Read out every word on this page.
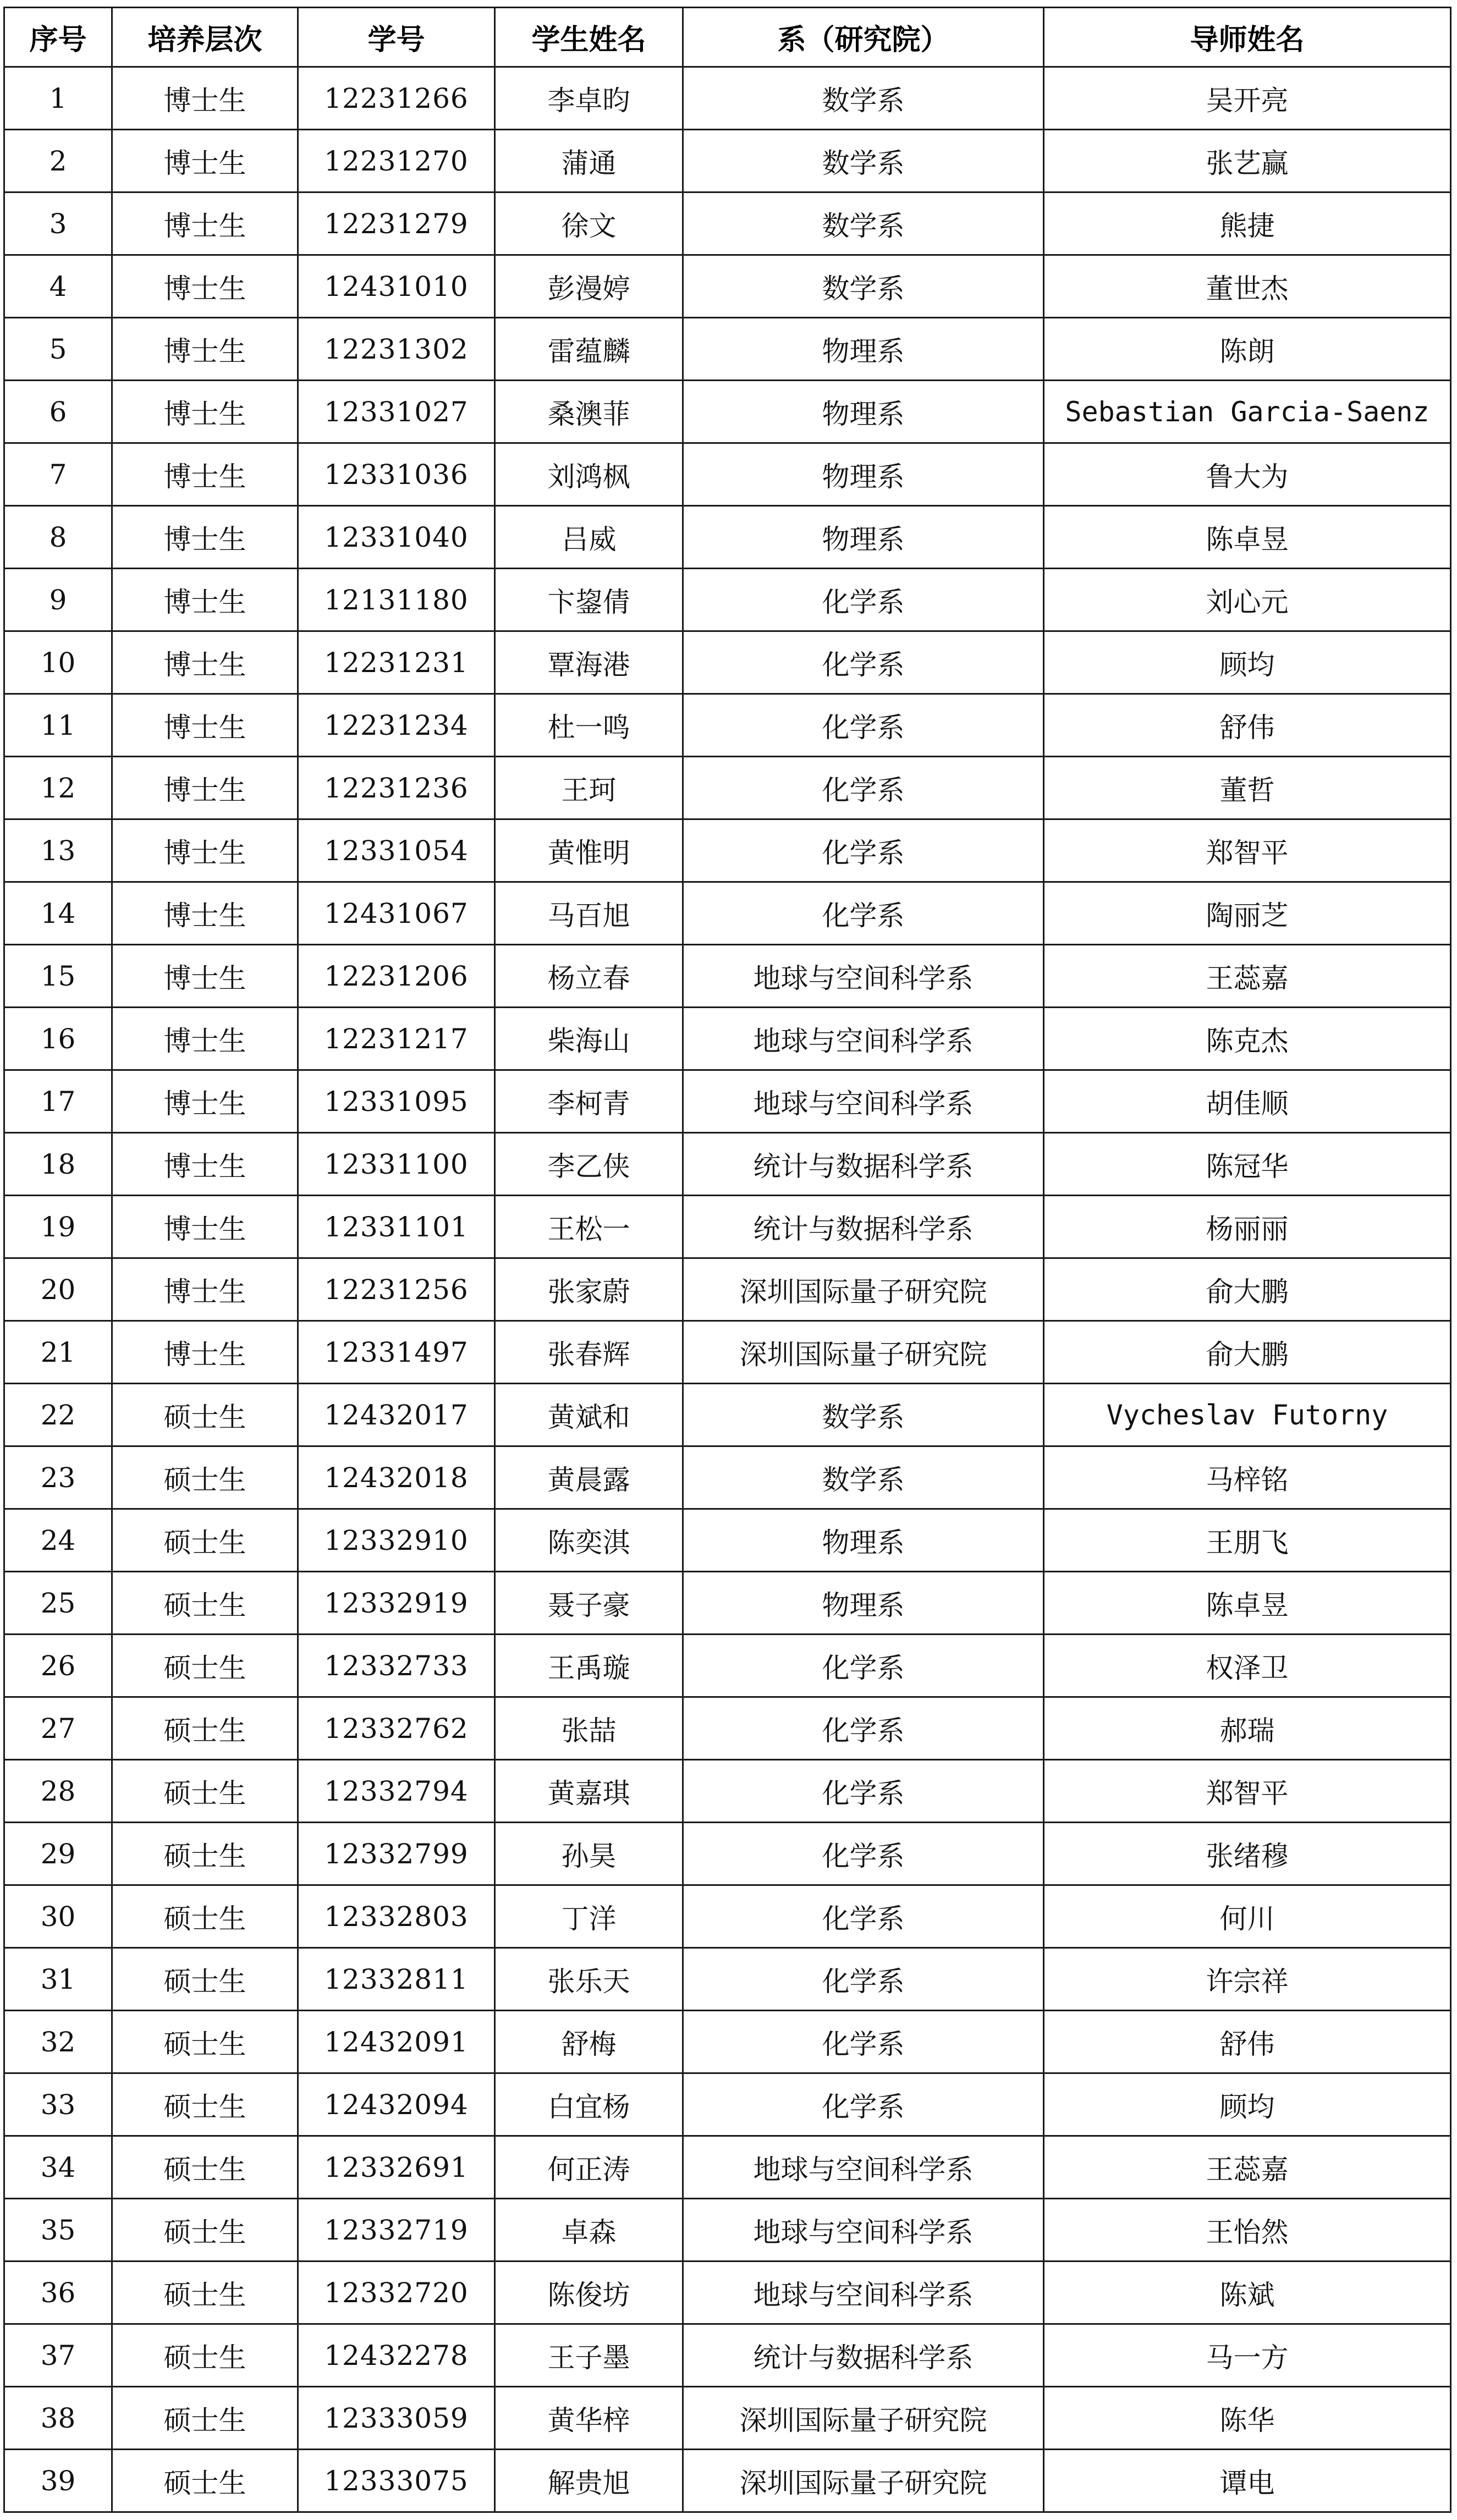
序号	培养层次	学号	学生姓名	系（研究院）	导师姓名
1	博士生	12231266	李卓昀	数学系	吴开亮
2	博士生	12231270	蒲通	数学系	张艺赢
3	博士生	12231279	徐文	数学系	熊捷
4	博士生	12431010	彭漫婷	数学系	董世杰
5	博士生	12231302	雷蕴麟	物理系	陈朗
6	博士生	12331027	桑澳菲	物理系	Sebastian Garcia-Saenz
7	博士生	12331036	刘鸿枫	物理系	鲁大为
8	博士生	12331040	吕威	物理系	陈卓昱
9	博士生	12131180	卞鋆倩	化学系	刘心元
10	博士生	12231231	覃海港	化学系	顾均
11	博士生	12231234	杜一鸣	化学系	舒伟
12	博士生	12231236	王珂	化学系	董哲
13	博士生	12331054	黄惟明	化学系	郑智平
14	博士生	12431067	马百旭	化学系	陶丽芝
15	博士生	12231206	杨立春	地球与空间科学系	王蕊嘉
16	博士生	12231217	柴海山	地球与空间科学系	陈克杰
17	博士生	12331095	李柯青	地球与空间科学系	胡佳顺
18	博士生	12331100	李乙侠	统计与数据科学系	陈冠华
19	博士生	12331101	王松一	统计与数据科学系	杨丽丽
20	博士生	12231256	张家蔚	深圳国际量子研究院	俞大鹏
21	博士生	12331497	张春辉	深圳国际量子研究院	俞大鹏
22	硕士生	12432017	黄斌和	数学系	Vycheslav Futorny
23	硕士生	12432018	黄晨露	数学系	马梓铭
24	硕士生	12332910	陈奕淇	物理系	王朋飞
25	硕士生	12332919	聂子豪	物理系	陈卓昱
26	硕士生	12332733	王禹璇	化学系	权泽卫
27	硕士生	12332762	张喆	化学系	郝瑞
28	硕士生	12332794	黄嘉琪	化学系	郑智平
29	硕士生	12332799	孙昊	化学系	张绪穆
30	硕士生	12332803	丁洋	化学系	何川
31	硕士生	12332811	张乐天	化学系	许宗祥
32	硕士生	12432091	舒梅	化学系	舒伟
33	硕士生	12432094	白宜杨	化学系	顾均
34	硕士生	12332691	何正涛	地球与空间科学系	王蕊嘉
35	硕士生	12332719	卓森	地球与空间科学系	王怡然
36	硕士生	12332720	陈俊坊	地球与空间科学系	陈斌
37	硕士生	12432278	王子墨	统计与数据科学系	马一方
38	硕士生	12333059	黄华梓	深圳国际量子研究院	陈华
39	硕士生	12333075	解贵旭	深圳国际量子研究院	谭电
